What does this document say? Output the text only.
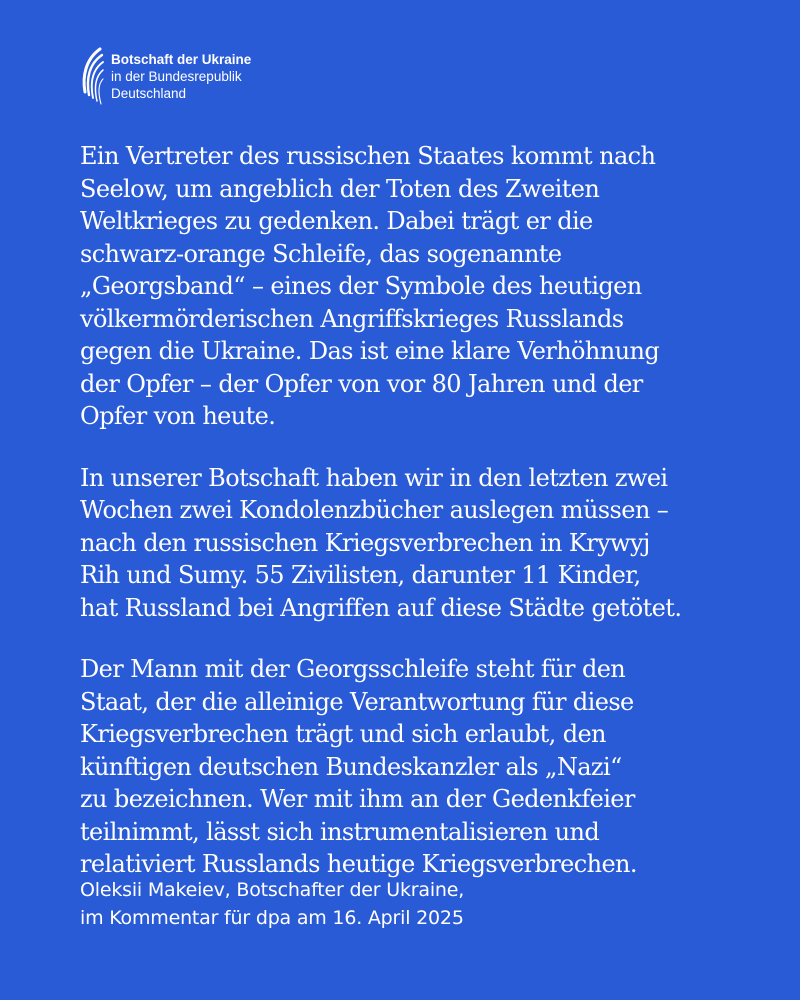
Botschaft der Ukraine
in der Bundesrepublik
Deutschland

Ein Vertreter des russischen Staates kommt nach
Seelow, um angeblich der Toten des Zweiten
Weltkrieges zu gedenken. Dabei trägt er die
schwarz-orange Schleife, das sogenannte
„Georgsband“ – eines der Symbole des heutigen
völkermörderischen Angriffskrieges Russlands
gegen die Ukraine. Das ist eine klare Verhöhnung
der Opfer – der Opfer von vor 80 Jahren und der
Opfer von heute.

In unserer Botschaft haben wir in den letzten zwei
Wochen zwei Kondolenzbücher auslegen müssen –
nach den russischen Kriegsverbrechen in Krywyj
Rih und Sumy. 55 Zivilisten, darunter 11 Kinder,
hat Russland bei Angriffen auf diese Städte getötet.

Der Mann mit der Georgsschleife steht für den
Staat, der die alleinige Verantwortung für diese
Kriegsverbrechen trägt und sich erlaubt, den
künftigen deutschen Bundeskanzler als „Nazi“
zu bezeichnen. Wer mit ihm an der Gedenkfeier
teilnimmt, lässt sich instrumentalisieren und
relativiert Russlands heutige Kriegsverbrechen.

Oleksii Makeiev, Botschafter der Ukraine,
im Kommentar für dpa am 16. April 2025
